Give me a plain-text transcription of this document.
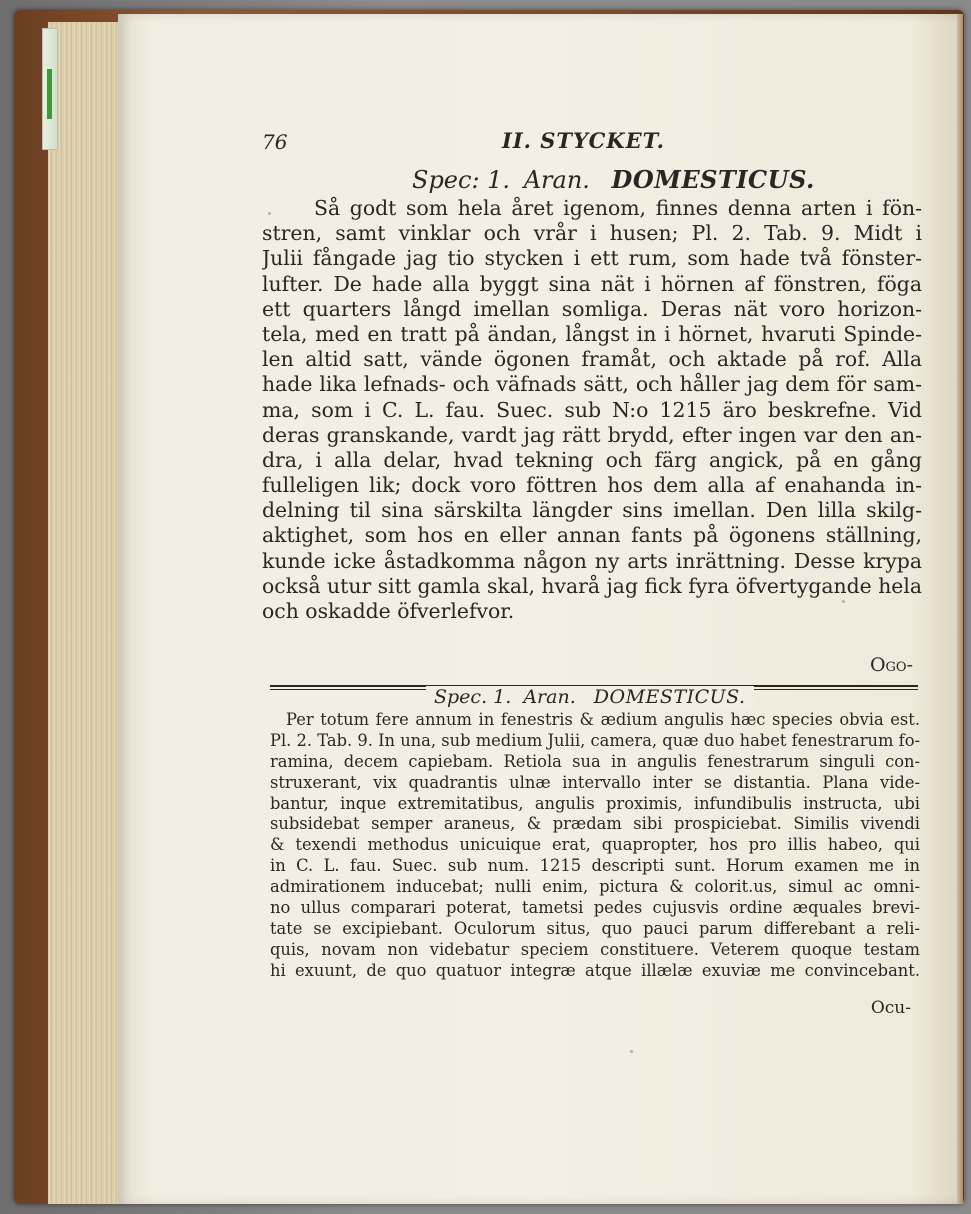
76	II. STYCKET.
Spec: 1. Aran. DOMESTICUS.
Så godt som hela året igenom, finnes denna arten i fön-
stren, samt vinklar och vrår i husen; Pl. 2. Tab. 9. Midt i
Julii fångade jag tio stycken i ett rum, som hade två fönster-
lufter. De hade alla byggt sina nät i hörnen af fönstren, föga
ett quarters långd imellan somliga. Deras nät voro horizon-
tela, med en tratt på ändan, långst in i hörnet, hvaruti Spinde-
len altid satt, vände ögonen framåt, och aktade på rof. Alla
hade lika lefnads- och väfnads sätt, och håller jag dem för sam-
ma, som i C. L. fau. Suec. sub N:o 1215 äro beskrefne. Vid
deras granskande, vardt jag rätt brydd, efter ingen var den an-
dra, i alla delar, hvad tekning och färg angick, på en gång
fulleligen lik; dock voro föttren hos dem alla af enahanda in-
delning til sina särskilta längder sins imellan. Den lilla skilg-
aktighet, som hos en eller annan fants på ögonens ställning,
kunde icke åstadkomma någon ny arts inrättning. Desse krypa
också utur sitt gamla skal, hvarå jag fick fyra öfvertygande hela
och oskadde öfverlefvor.
Ogo-
Spec. 1. Aran. DOMESTICUS.
Per totum fere annum in fenestris & ædium angulis hæc species obvia est.
Pl. 2. Tab. 9. In una, sub medium Julii, camera, quæ duo habet fenestrarum fo-
ramina, decem capiebam. Retiola sua in angulis fenestrarum singuli con-
struxerant, vix quadrantis ulnæ intervallo inter se distantia. Plana vide-
bantur, inque extremitatibus, angulis proximis, infundibulis instructa, ubi
subsidebat semper araneus, & prædam sibi prospiciebat. Similis vivendi
& texendi methodus unicuique erat, quapropter, hos pro illis habeo, qui
in C. L. fau. Suec. sub num. 1215 descripti sunt. Horum examen me in
admirationem inducebat; nulli enim, pictura & colorit.us, simul ac omni-
no ullus comparari poterat, tametsi pedes cujusvis ordine æquales brevi-
tate se excipiebant. Oculorum situs, quo pauci parum differebant a reli-
quis, novam non videbatur speciem constituere. Veterem quoque testam
hi exuunt, de quo quatuor integræ atque illælæ exuviæ me convincebant.
Ocu-
